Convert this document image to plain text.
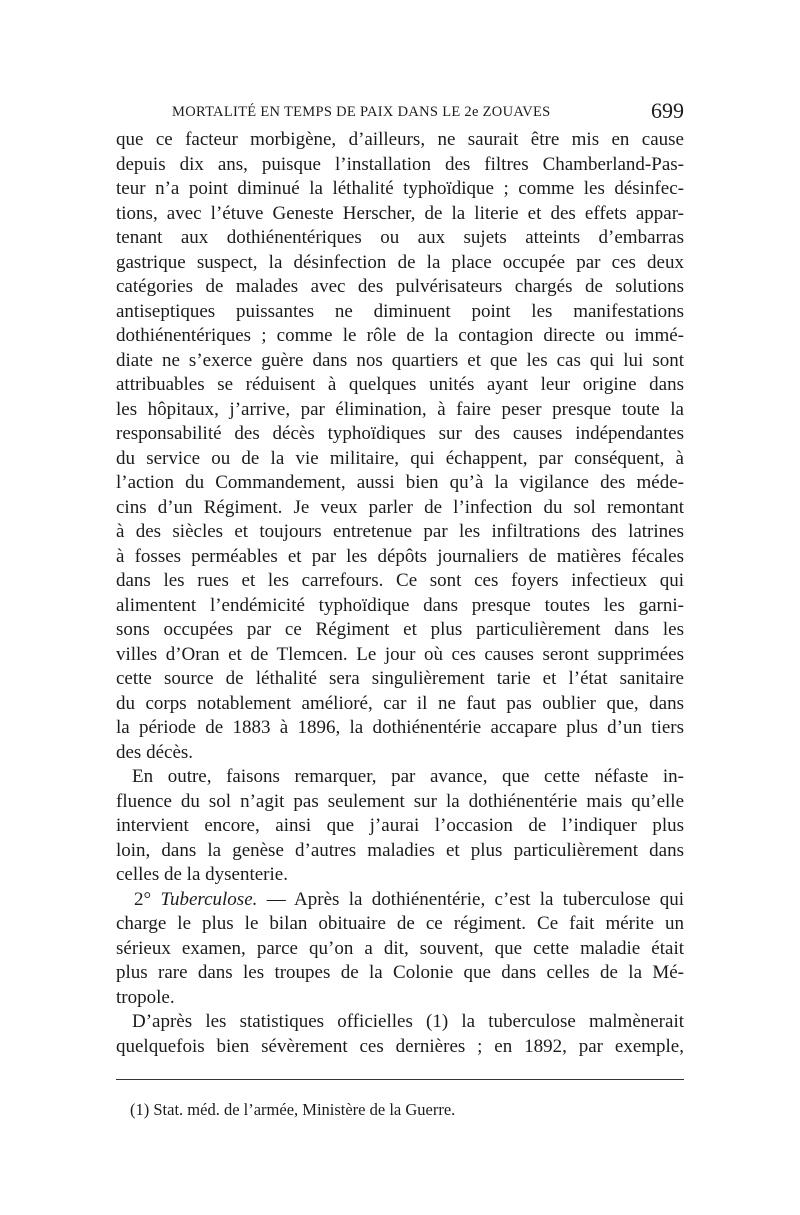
MORTALITÉ EN TEMPS DE PAIX DANS LE 2e ZOUAVES	699
que ce facteur morbigène, d’ailleurs, ne saurait être mis en cause
depuis dix ans, puisque l’installation des filtres Chamberland-Pas-
teur n’a point diminué la léthalité typhoïdique ; comme les désinfec-
tions, avec l’étuve Geneste Herscher, de la literie et des effets appar-
tenant aux dothiénentériques ou aux sujets atteints d’embarras
gastrique suspect, la désinfection de la place occupée par ces deux
catégories de malades avec des pulvérisateurs chargés de solutions
antiseptiques puissantes ne diminuent point les manifestations
dothiénentériques ; comme le rôle de la contagion directe ou immé-
diate ne s’exerce guère dans nos quartiers et que les cas qui lui sont
attribuables se réduisent à quelques unités ayant leur origine dans
les hôpitaux, j’arrive, par élimination, à faire peser presque toute la
responsabilité des décès typhoïdiques sur des causes indépendantes
du service ou de la vie militaire, qui échappent, par conséquent, à
l’action du Commandement, aussi bien qu’à la vigilance des méde-
cins d’un Régiment. Je veux parler de l’infection du sol remontant
à des siècles et toujours entretenue par les infiltrations des latrines
à fosses perméables et par les dépôts journaliers de matières fécales
dans les rues et les carrefours. Ce sont ces foyers infectieux qui
alimentent l’endémicité typhoïdique dans presque toutes les garni-
sons occupées par ce Régiment et plus particulièrement dans les
villes d’Oran et de Tlemcen. Le jour où ces causes seront supprimées
cette source de léthalité sera singulièrement tarie et l’état sanitaire
du corps notablement amélioré, car il ne faut pas oublier que, dans
la période de 1883 à 1896, la dothiénentérie accapare plus d’un tiers
des décès.
En outre, faisons remarquer, par avance, que cette néfaste in-
fluence du sol n’agit pas seulement sur la dothiénentérie mais qu’elle
intervient encore, ainsi que j’aurai l’occasion de l’indiquer plus
loin, dans la genèse d’autres maladies et plus particulièrement dans
celles de la dysenterie.
2° Tuberculose. — Après la dothiénentérie, c’est la tuberculose qui
charge le plus le bilan obituaire de ce régiment. Ce fait mérite un
sérieux examen, parce qu’on a dit, souvent, que cette maladie était
plus rare dans les troupes de la Colonie que dans celles de la Mé-
tropole.
D’après les statistiques officielles (1) la tuberculose malmènerait
quelquefois bien sévèrement ces dernières ; en 1892, par exemple,
(1) Stat. méd. de l’armée, Ministère de la Guerre.
